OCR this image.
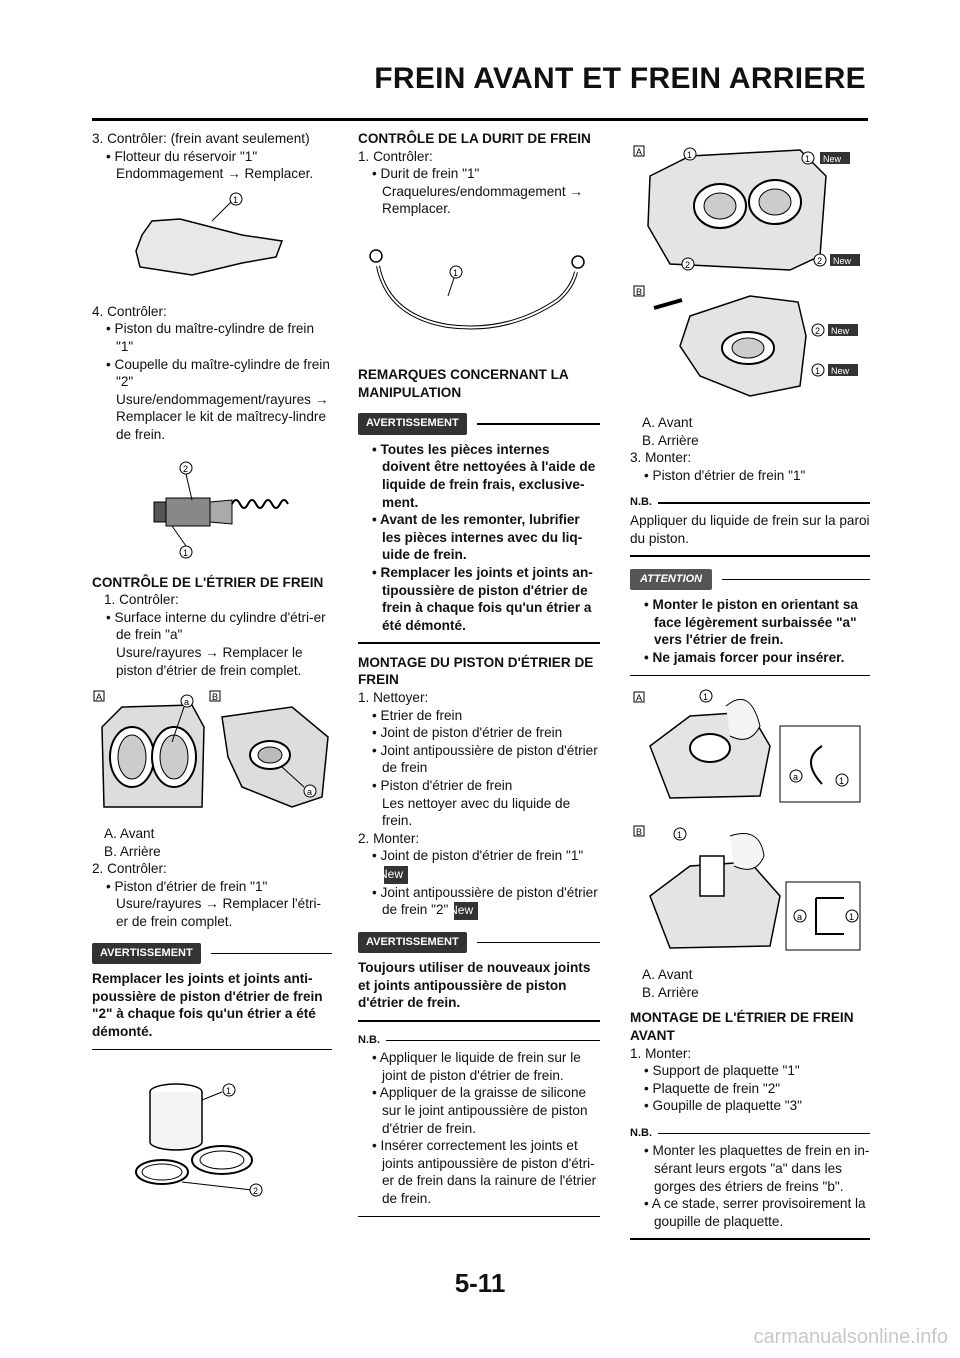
FREIN AVANT ET FREIN ARRIERE

3. Contrôler: (frein avant seulement)

• Flotteur du réservoir "1"

Endommagement → Remplacer.

1

4. Contrôler:

• Piston du maître-cylindre de frein "1"

• Coupelle du maître-cylindre de frein "2"

Usure/endommagement/rayures → Remplacer le kit de maîtrecy-lindre de frein.

2
1

CONTRÔLE DE L'ÉTRIER DE FREIN

1. Contrôler:

• Surface interne du cylindre d'étri-er de frein "a"

Usure/rayures → Remplacer le piston d'étrier de frein complet.

A	B
a
a

A. Avant

B. Arrière

2. Contrôler:

• Piston d'étrier de frein "1"

Usure/rayures → Remplacer l'étri-er de frein complet.

AVERTISSEMENT

Remplacer les joints et joints anti-poussière de piston d'étrier de frein "2" à chaque fois qu'un étrier a été démonté.

1
2

CONTRÔLE DE LA DURIT DE FREIN

1. Contrôler:

• Durit de frein "1"

Craquelures/endommagement → Remplacer.

1

REMARQUES CONCERNANT LA MANIPULATION

AVERTISSEMENT

• Toutes les pièces internes doivent être nettoyées à l'aide de liquide de frein frais, exclusive-ment.

• Avant de les remonter, lubrifier les pièces internes avec du liq-uide de frein.

• Remplacer les joints et joints an-tipoussière de piston d'étrier de frein à chaque fois qu'un étrier a été démonté.

MONTAGE DU PISTON D'ÉTRIER DE FREIN

1. Nettoyer:

• Etrier de frein

• Joint de piston d'étrier de frein

• Joint antipoussière de piston d'étrier de frein

• Piston d'étrier de frein

Les nettoyer avec du liquide de frein.

2. Monter:

• Joint de piston d'étrier de frein "1"
New

• Joint antipoussière de piston d'étrier de frein "2" New

AVERTISSEMENT

Toujours utiliser de nouveaux joints et joints antipoussière de piston d'étrier de frein.

N.B.

• Appliquer le liquide de frein sur le joint de piston d'étrier de frein.

• Appliquer de la graisse de silicone sur le joint antipoussière de piston d'étrier de frein.

• Insérer correctement les joints et joints antipoussière de piston d'étri-er de frein dans la rainure de l'étrier de frein.

A	1	1 New
2	2 New
B
2 New
1 New

A. Avant

B. Arrière

3. Monter:

• Piston d'étrier de frein "1"

N.B.

Appliquer du liquide de frein sur la paroi du piston.

ATTENTION

• Monter le piston en orientant sa face légèrement surbaissée "a" vers l'étrier de frein.

• Ne jamais forcer pour insérer.

A	1
a	1
B	1
a	1

A. Avant

B. Arrière

MONTAGE DE L'ÉTRIER DE FREIN AVANT

1. Monter:

• Support de plaquette "1"

• Plaquette de frein "2"

• Goupille de plaquette "3"

N.B.

• Monter les plaquettes de frein en in-sérant leurs ergots "a" dans les gorges des étriers de freins "b".

• A ce stade, serrer provisoirement la goupille de plaquette.

5-11
carmanualsonline.info
